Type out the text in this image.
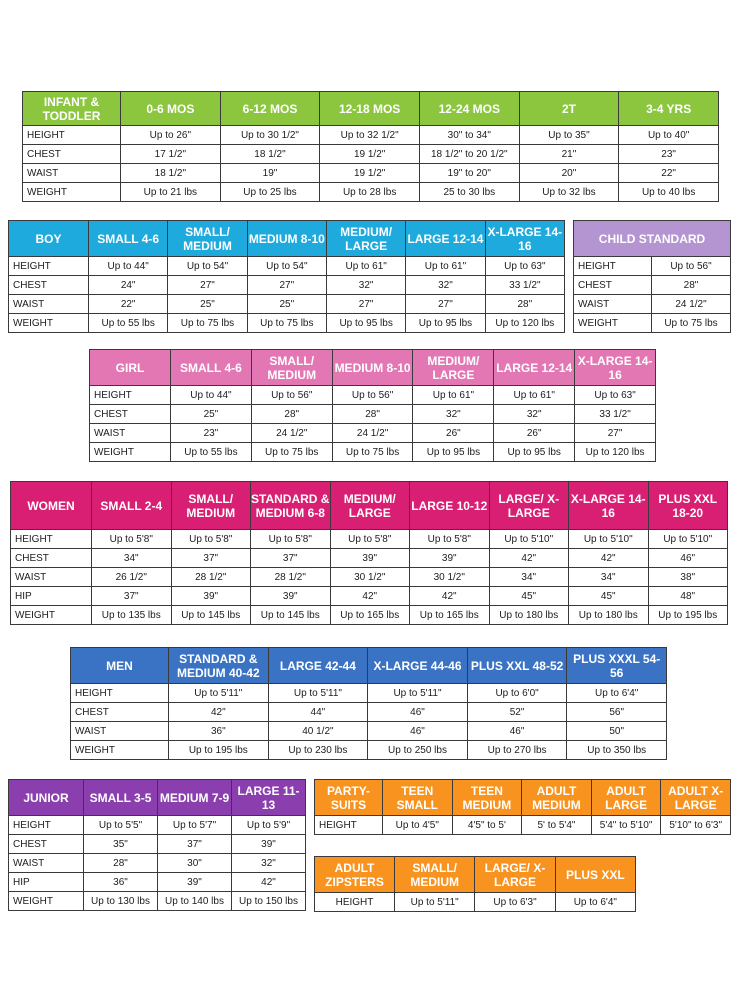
INFANT & TODDLER	0-6 MOS	6-12 MOS	12-18 MOS	12-24 MOS	2T	3-4 YRS
HEIGHT	Up to 26"	Up to 30 1/2"	Up to 32 1/2"	30" to 34"	Up to 35"	Up to 40"
CHEST	17 1/2"	18 1/2"	19 1/2"	18 1/2" to 20 1/2"	21"	23"
WAIST	18 1/2"	19"	19 1/2"	19" to 20"	20"	22"
WEIGHT	Up to 21 lbs	Up to 25 lbs	Up to 28 lbs	25 to 30 lbs	Up to 32 lbs	Up to 40 lbs
BOY	SMALL 4-6	SMALL/ MEDIUM	MEDIUM 8-10	MEDIUM/ LARGE	LARGE 12-14	X-LARGE 14-16
HEIGHT	Up to 44"	Up to 54"	Up to 54"	Up to 61"	Up to 61"	Up to 63"
CHEST	24"	27"	27"	32"	32"	33 1/2"
WAIST	22"	25"	25"	27"	27"	28"
WEIGHT	Up to 55 lbs	Up to 75 lbs	Up to 75 lbs	Up to 95 lbs	Up to 95 lbs	Up to 120 lbs
CHILD STANDARD	
HEIGHT	Up to 56"
CHEST	28"
WAIST	24 1/2"
WEIGHT	Up to 75 lbs
GIRL	SMALL 4-6	SMALL/ MEDIUM	MEDIUM 8-10	MEDIUM/ LARGE	LARGE 12-14	X-LARGE 14-16
HEIGHT	Up to 44"	Up to 56"	Up to 56"	Up to 61"	Up to 61"	Up to 63"
CHEST	25"	28"	28"	32"	32"	33 1/2"
WAIST	23"	24 1/2"	24 1/2"	26"	26"	27"
WEIGHT	Up to 55 lbs	Up to 75 lbs	Up to 75 lbs	Up to 95 lbs	Up to 95 lbs	Up to 120 lbs
WOMEN	SMALL 2-4	SMALL/ MEDIUM	STANDARD & MEDIUM 6-8	MEDIUM/ LARGE	LARGE 10-12	LARGE/ X-LARGE	X-LARGE 14-16	PLUS XXL 18-20
HEIGHT	Up to 5'8"	Up to 5'8"	Up to 5'8"	Up to 5'8"	Up to 5'8"	Up to 5'10"	Up to 5'10"	Up to 5'10"
CHEST	34"	37"	37"	39"	39"	42"	42"	46"
WAIST	26 1/2"	28 1/2"	28 1/2"	30 1/2"	30 1/2"	34"	34"	38"
HIP	37"	39"	39"	42"	42"	45"	45"	48"
WEIGHT	Up to 135 lbs	Up to 145 lbs	Up to 145 lbs	Up to 165 lbs	Up to 165 lbs	Up to 180 lbs	Up to 180 lbs	Up to 195 lbs
MEN	STANDARD & MEDIUM 40-42	LARGE 42-44	X-LARGE 44-46	PLUS XXL 48-52	PLUS XXXL 54-56
HEIGHT	Up to 5'11"	Up to 5'11"	Up to 5'11"	Up to 6'0"	Up to 6'4"
CHEST	42"	44"	46"	52"	56"
WAIST	36"	40 1/2"	46"	46"	50"
WEIGHT	Up to 195 lbs	Up to 230 lbs	Up to 250 lbs	Up to 270 lbs	Up to 350 lbs
JUNIOR	SMALL 3-5	MEDIUM 7-9	LARGE 11-13
HEIGHT	Up to 5'5"	Up to 5'7"	Up to 5'9"
CHEST	35"	37"	39"
WAIST	28"	30"	32"
HIP	36"	39"	42"
WEIGHT	Up to 130 lbs	Up to 140 lbs	Up to 150 lbs
PARTY-SUITS	TEEN SMALL	TEEN MEDIUM	ADULT MEDIUM	ADULT LARGE	ADULT X-LARGE
HEIGHT	Up to 4'5"	4'5" to 5'	5' to 5'4"	5'4" to 5'10"	5'10" to 6'3"
ADULT ZIPSTERS	SMALL/ MEDIUM	LARGE/ X-LARGE	PLUS XXL
HEIGHT	Up to 5'11"	Up to 6'3"	Up to 6'4"
